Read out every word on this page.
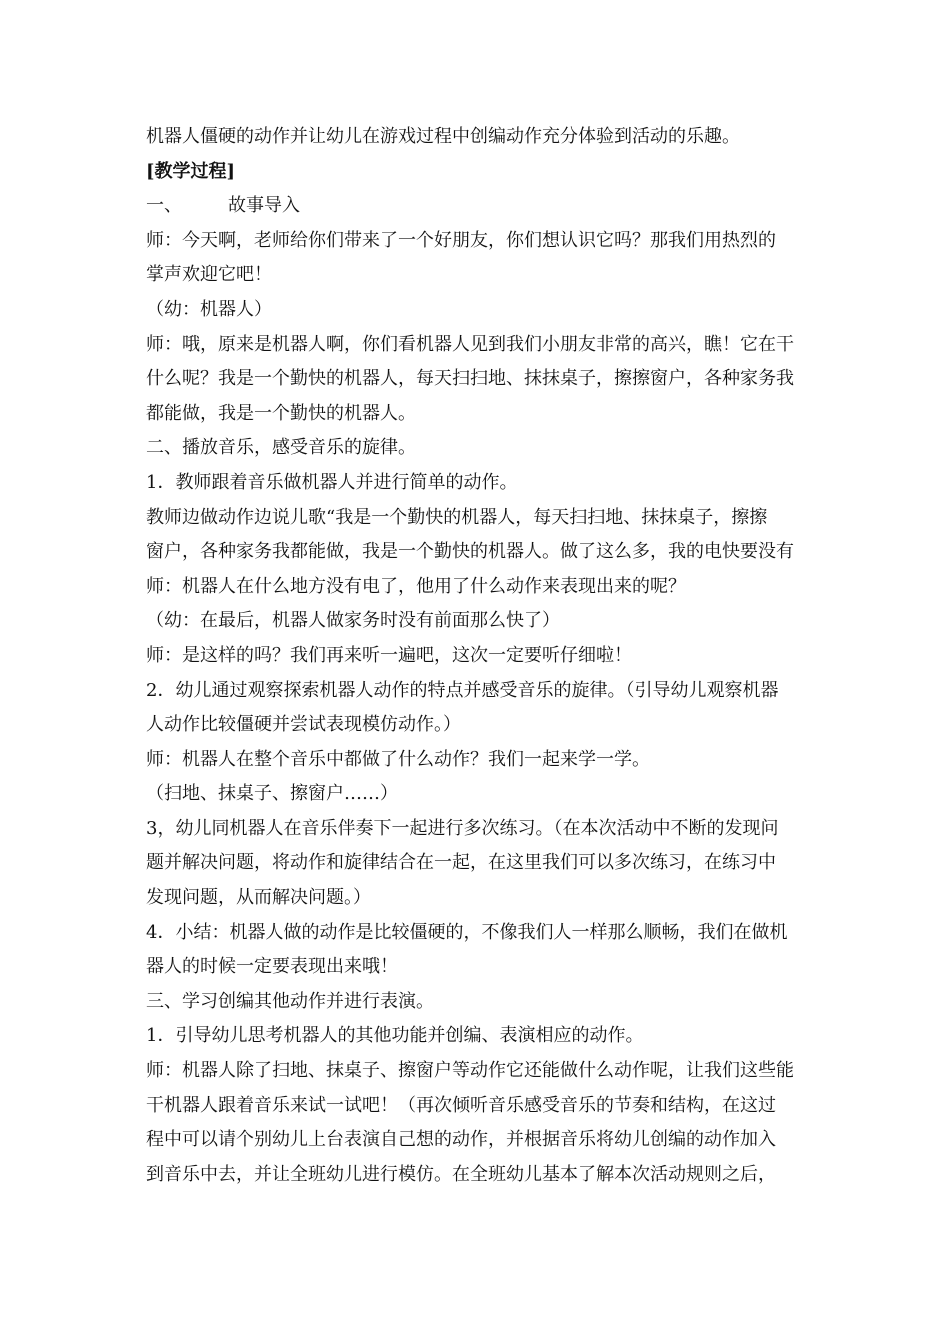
机器人僵硬的动作并让幼儿在游戏过程中创编动作充分体验到活动的乐趣。

[教学过程]

一、	故事导入

师：今天啊，老师给你们带来了一个好朋友，你们想认识它吗？那我们用热烈的

掌声欢迎它吧！

（幼：机器人）

师：哦，原来是机器人啊，你们看机器人见到我们小朋友非常的高兴，瞧！它在干

什么呢？我是一个勤快的机器人，每天扫扫地、抹抹桌子，擦擦窗户，各种家务我

都能做，我是一个勤快的机器人。

二、播放音乐，感受音乐的旋律。

1．教师跟着音乐做机器人并进行简单的动作。

教师边做动作边说儿歌“我是一个勤快的机器人，每天扫扫地、抹抹桌子，擦擦

窗户，各种家务我都能做，我是一个勤快的机器人。做了这么多，我的电快要没有

师：机器人在什么地方没有电了，他用了什么动作来表现出来的呢？

（幼：在最后，机器人做家务时没有前面那么快了）

师：是这样的吗？我们再来听一遍吧，这次一定要听仔细啦！

2．幼儿通过观察探索机器人动作的特点并感受音乐的旋律。（引导幼儿观察机器

人动作比较僵硬并尝试表现模仿动作。）

师：机器人在整个音乐中都做了什么动作？我们一起来学一学。

（扫地、抹桌子、擦窗户……）

3，幼儿同机器人在音乐伴奏下一起进行多次练习。（在本次活动中不断的发现问

题并解决问题，将动作和旋律结合在一起，在这里我们可以多次练习，在练习中

发现问题，从而解决问题。）

4．小结：机器人做的动作是比较僵硬的，不像我们人一样那么顺畅，我们在做机

器人的时候一定要表现出来哦！

三、学习创编其他动作并进行表演。

1．引导幼儿思考机器人的其他功能并创编、表演相应的动作。

师：机器人除了扫地、抹桌子、擦窗户等动作它还能做什么动作呢，让我们这些能

干机器人跟着音乐来试一试吧！（再次倾听音乐感受音乐的节奏和结构，在这过

程中可以请个别幼儿上台表演自己想的动作，并根据音乐将幼儿创编的动作加入

到音乐中去，并让全班幼儿进行模仿。在全班幼儿基本了解本次活动规则之后，
